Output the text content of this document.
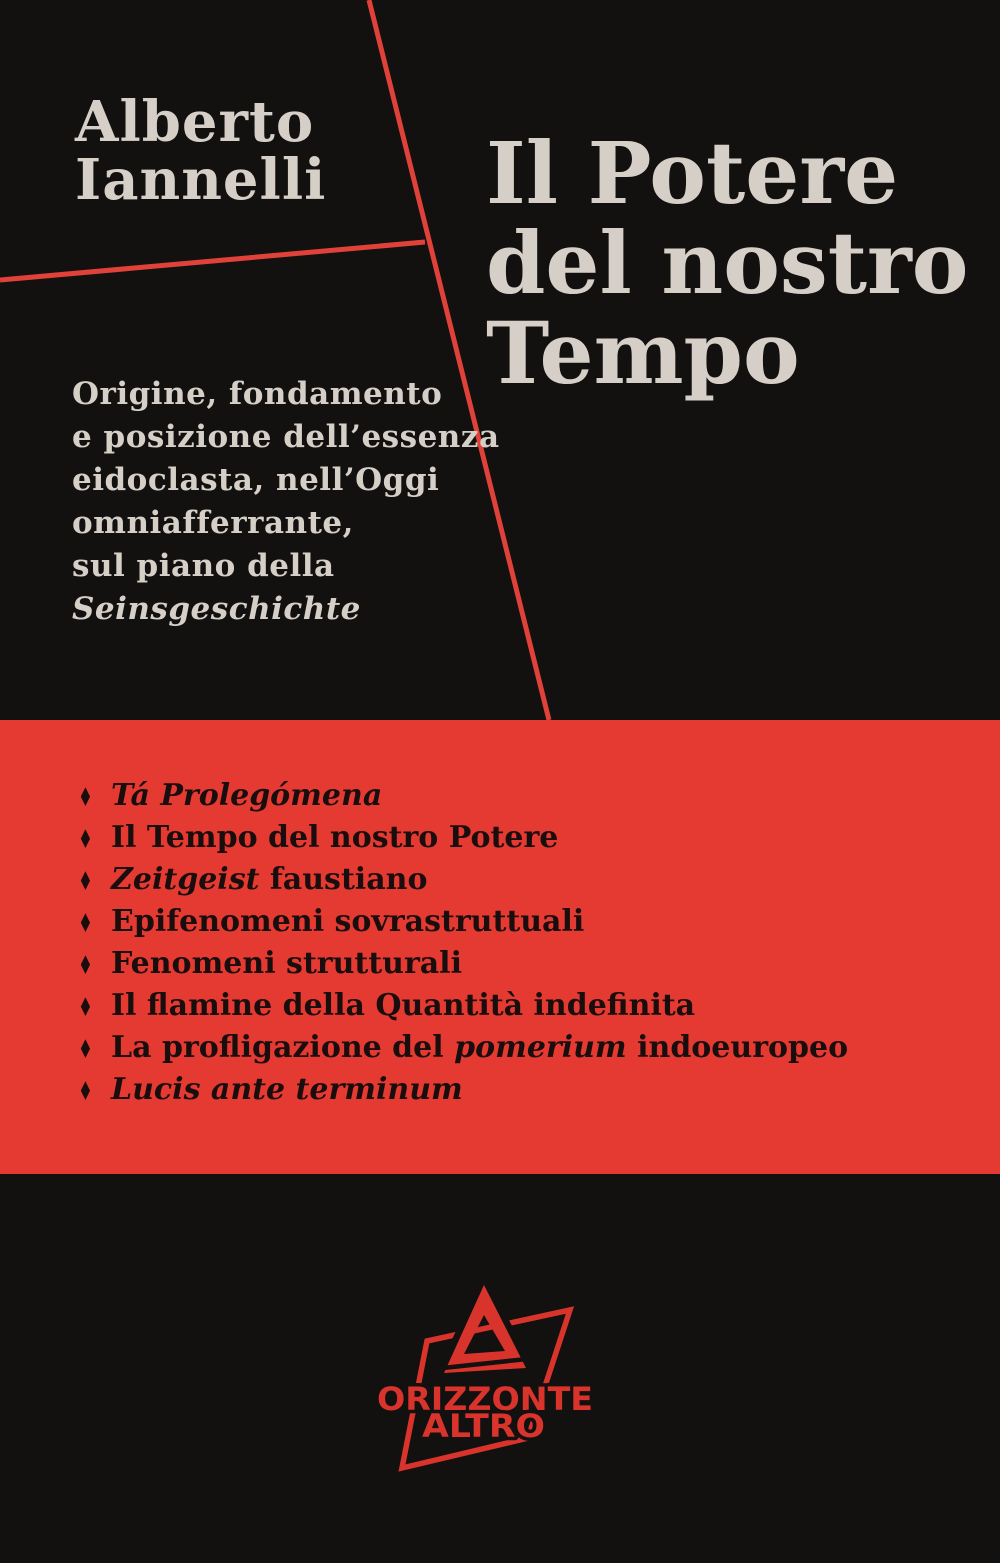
Alberto
Iannelli Il Potere
del nostro
Tempo

Origine, fondamento
e posizione dell’essenza
eidoclasta, nell’Oggi
omniafferrante,
sul piano della
Seinsgeschichte

♦ Tá Prolegómena
♦ Il Tempo del nostro Potere
♦ Zeitgeist faustiano
♦ Epifenomeni sovrastruttuali
♦ Fenomeni strutturali
♦ Il flamine della Quantità indefinita
♦ La profligazione del pomerium indoeuropeo
♦ Lucis ante terminum
ORIZZONTE
ALTRO
